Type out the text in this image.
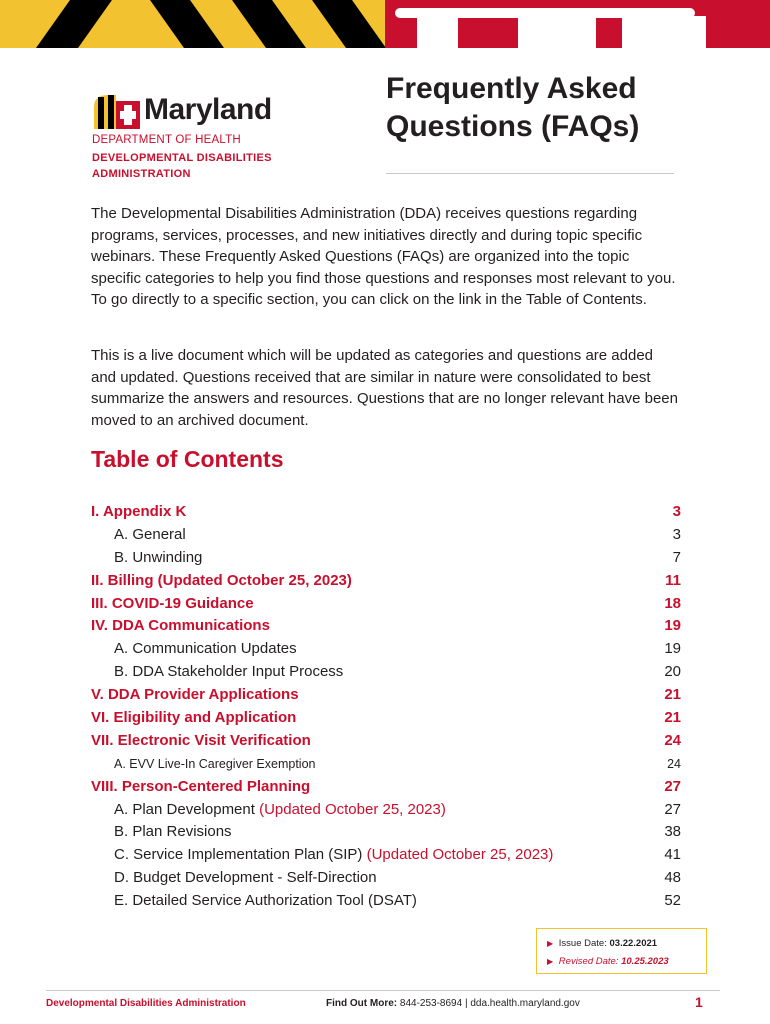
Maryland
DEPARTMENT OF HEALTH
DEVELOPMENTAL DISABILITIES
ADMINISTRATION
Frequently Asked
Questions (FAQs)

The Developmental Disabilities Administration (DDA) receives questions regarding programs, services, processes, and new initiatives directly and during topic specific webinars. These Frequently Asked Questions (FAQs) are organized into the topic specific categories to help you find those questions and responses most relevant to you. To go directly to a specific section, you can click on the link in the Table of Contents.

This is a live document which will be updated as categories and questions are added and updated. Questions received that are similar in nature were consolidated to best summarize the answers and resources. Questions that are no longer relevant have been moved to an archived document.

Table of Contents
I. Appendix K	3
A. General	3
B. Unwinding	7
II. Billing (Updated October 25, 2023)	11
III. COVID-19 Guidance	18
IV. DDA Communications	19
A. Communication Updates	19
B. DDA Stakeholder Input Process	20
V. DDA Provider Applications	21
VI. Eligibility and Application	21
VII. Electronic Visit Verification	24
A. EVV Live-In Caregiver Exemption	24
VIII. Person-Centered Planning	27
A. Plan Development (Updated October 25, 2023)	27
B. Plan Revisions	38
C. Service Implementation Plan (SIP) (Updated October 25, 2023)	41
D. Budget Development - Self-Direction	48
E. Detailed Service Authorization Tool (DSAT)	52
▶ Issue Date: 03.22.2021
▶ Revised Date: 10.25.2023
Developmental Disabilities Administration	Find Out More: 844-253-8694 | dda.health.maryland.gov	1
